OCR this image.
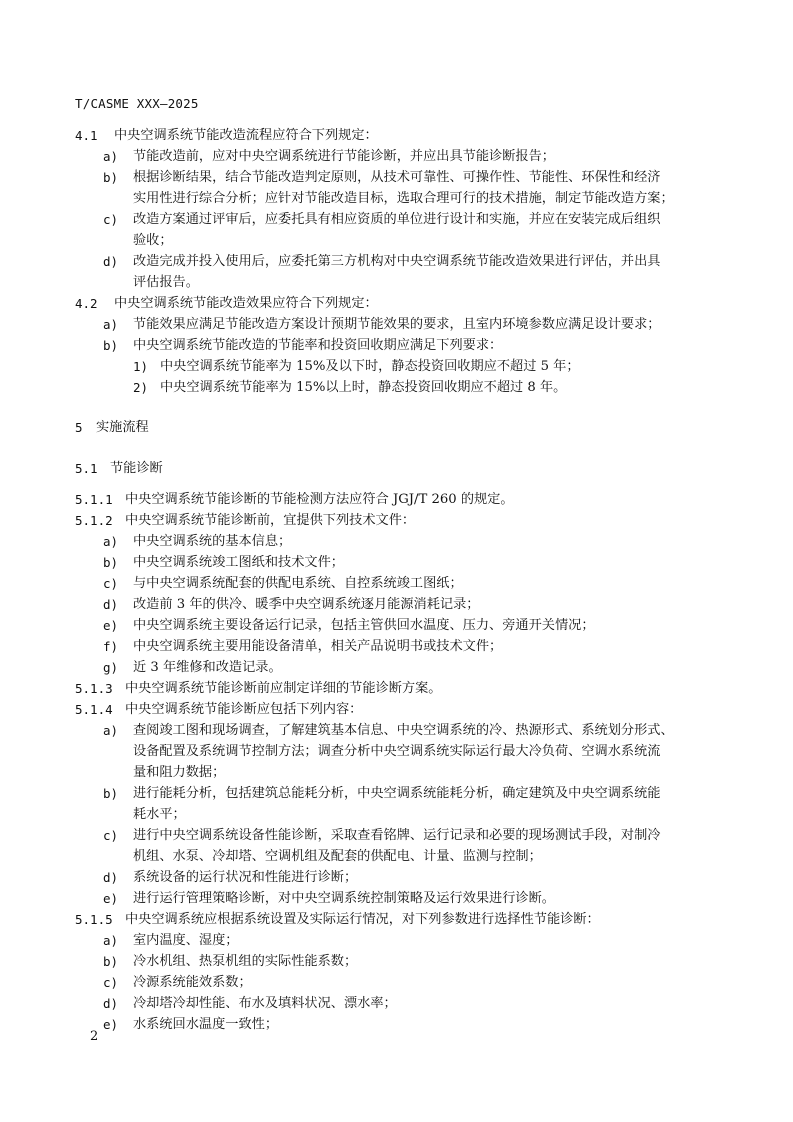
T/CASME XXX—2025
4.1 中央空调系统节能改造流程应符合下列规定：
a) 节能改造前，应对中央空调系统进行节能诊断，并应出具节能诊断报告；
b) 根据诊断结果，结合节能改造判定原则，从技术可靠性、可操作性、节能性、环保性和经济
实用性进行综合分析；应针对节能改造目标，选取合理可行的技术措施，制定节能改造方案；
c) 改造方案通过评审后，应委托具有相应资质的单位进行设计和实施，并应在安装完成后组织
验收；
d) 改造完成并投入使用后，应委托第三方机构对中央空调系统节能改造效果进行评估，并出具
评估报告。
4.2 中央空调系统节能改造效果应符合下列规定：
a) 节能效果应满足节能改造方案设计预期节能效果的要求，且室内环境参数应满足设计要求；
b) 中央空调系统节能改造的节能率和投资回收期应满足下列要求：
1) 中央空调系统节能率为 15%及以下时，静态投资回收期应不超过 5 年；
2) 中央空调系统节能率为 15%以上时，静态投资回收期应不超过 8 年。
5 实施流程
5.1 节能诊断
5.1.1 中央空调系统节能诊断的节能检测方法应符合 JGJ/T 260 的规定。
5.1.2 中央空调系统节能诊断前，宜提供下列技术文件：
a) 中央空调系统的基本信息；
b) 中央空调系统竣工图纸和技术文件；
c) 与中央空调系统配套的供配电系统、自控系统竣工图纸；
d) 改造前 3 年的供冷、暖季中央空调系统逐月能源消耗记录；
e) 中央空调系统主要设备运行记录，包括主管供回水温度、压力、旁通开关情况；
f) 中央空调系统主要用能设备清单，相关产品说明书或技术文件；
g) 近 3 年维修和改造记录。
5.1.3 中央空调系统节能诊断前应制定详细的节能诊断方案。
5.1.4 中央空调系统节能诊断应包括下列内容：
a) 查阅竣工图和现场调查，了解建筑基本信息、中央空调系统的冷、热源形式、系统划分形式、
设备配置及系统调节控制方法；调查分析中央空调系统实际运行最大冷负荷、空调水系统流
量和阻力数据；
b) 进行能耗分析，包括建筑总能耗分析，中央空调系统能耗分析，确定建筑及中央空调系统能
耗水平；
c) 进行中央空调系统设备性能诊断，采取查看铭牌、运行记录和必要的现场测试手段，对制冷
机组、水泵、冷却塔、空调机组及配套的供配电、计量、监测与控制；
d) 系统设备的运行状况和性能进行诊断；
e) 进行运行管理策略诊断，对中央空调系统控制策略及运行效果进行诊断。
5.1.5 中央空调系统应根据系统设置及实际运行情况，对下列参数进行选择性节能诊断：
a) 室内温度、湿度；
b) 冷水机组、热泵机组的实际性能系数；
c) 冷源系统能效系数；
d) 冷却塔冷却性能、布水及填料状况、漂水率；
e) 水系统回水温度一致性；
2
